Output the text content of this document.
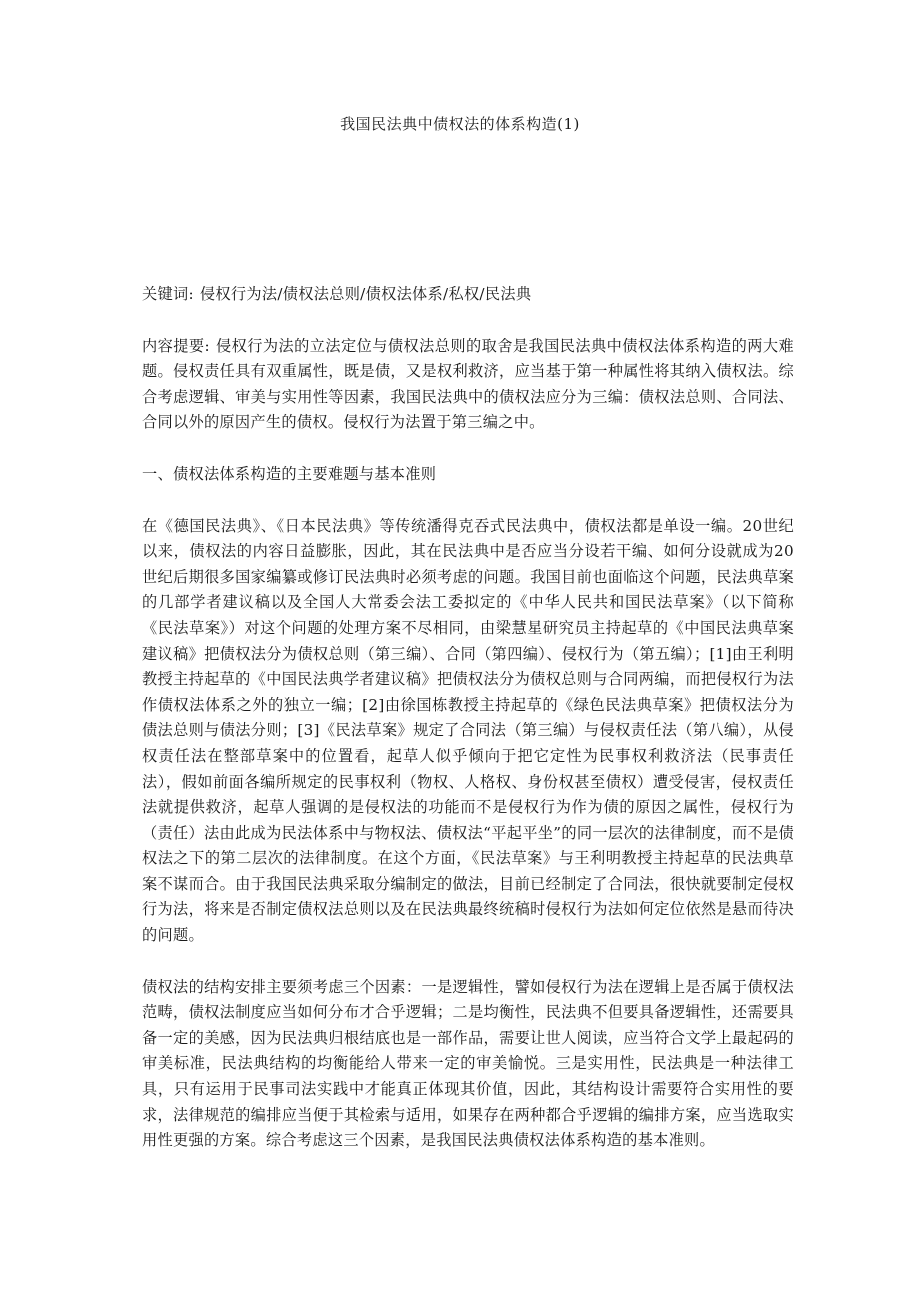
我国民法典中债权法的体系构造(1)

关键词: 侵权行为法/债权法总则/债权法体系/私权/民法典

内容提要: 侵权行为法的立法定位与债权法总则的取舍是我国民法典中债权法体系构造的两大难题。侵权责任具有双重属性，既是债，又是权利救济，应当基于第一种属性将其纳入债权法。综合考虑逻辑、审美与实用性等因素，我国民法典中的债权法应分为三编：债权法总则、合同法、合同以外的原因产生的债权。侵权行为法置于第三编之中。

一、债权法体系构造的主要难题与基本准则

在《德国民法典》、《日本民法典》等传统潘得克吞式民法典中，债权法都是单设一编。20世纪以来，债权法的内容日益膨胀，因此，其在民法典中是否应当分设若干编、如何分设就成为20世纪后期很多国家编纂或修订民法典时必须考虑的问题。我国目前也面临这个问题，民法典草案的几部学者建议稿以及全国人大常委会法工委拟定的《中华人民共和国民法草案》（以下简称《民法草案》）对这个问题的处理方案不尽相同，由梁慧星研究员主持起草的《中国民法典草案建议稿》把债权法分为债权总则（第三编）、合同（第四编）、侵权行为（第五编）；[1]由王利明教授主持起草的《中国民法典学者建议稿》把债权法分为债权总则与合同两编，而把侵权行为法作债权法体系之外的独立一编；[2]由徐国栋教授主持起草的《绿色民法典草案》把债权法分为债法总则与债法分则；[3]《民法草案》规定了合同法（第三编）与侵权责任法（第八编），从侵权责任法在整部草案中的位置看，起草人似乎倾向于把它定性为民事权利救济法（民事责任法），假如前面各编所规定的民事权利（物权、人格权、身份权甚至债权）遭受侵害，侵权责任法就提供救济，起草人强调的是侵权法的功能而不是侵权行为作为债的原因之属性，侵权行为（责任）法由此成为民法体系中与物权法、债权法“平起平坐”的同一层次的法律制度，而不是债权法之下的第二层次的法律制度。在这个方面，《民法草案》与王利明教授主持起草的民法典草案不谋而合。由于我国民法典采取分编制定的做法，目前已经制定了合同法，很快就要制定侵权行为法，将来是否制定债权法总则以及在民法典最终统稿时侵权行为法如何定位依然是悬而待决的问题。

债权法的结构安排主要须考虑三个因素：一是逻辑性，譬如侵权行为法在逻辑上是否属于债权法范畴，债权法制度应当如何分布才合乎逻辑；二是均衡性，民法典不但要具备逻辑性，还需要具备一定的美感，因为民法典归根结底也是一部作品，需要让世人阅读，应当符合文学上最起码的审美标准，民法典结构的均衡能给人带来一定的审美愉悦。三是实用性，民法典是一种法律工具，只有运用于民事司法实践中才能真正体现其价值，因此，其结构设计需要符合实用性的要求，法律规范的编排应当便于其检索与适用，如果存在两种都合乎逻辑的编排方案，应当选取实用性更强的方案。综合考虑这三个因素，是我国民法典债权法体系构造的基本准则。
